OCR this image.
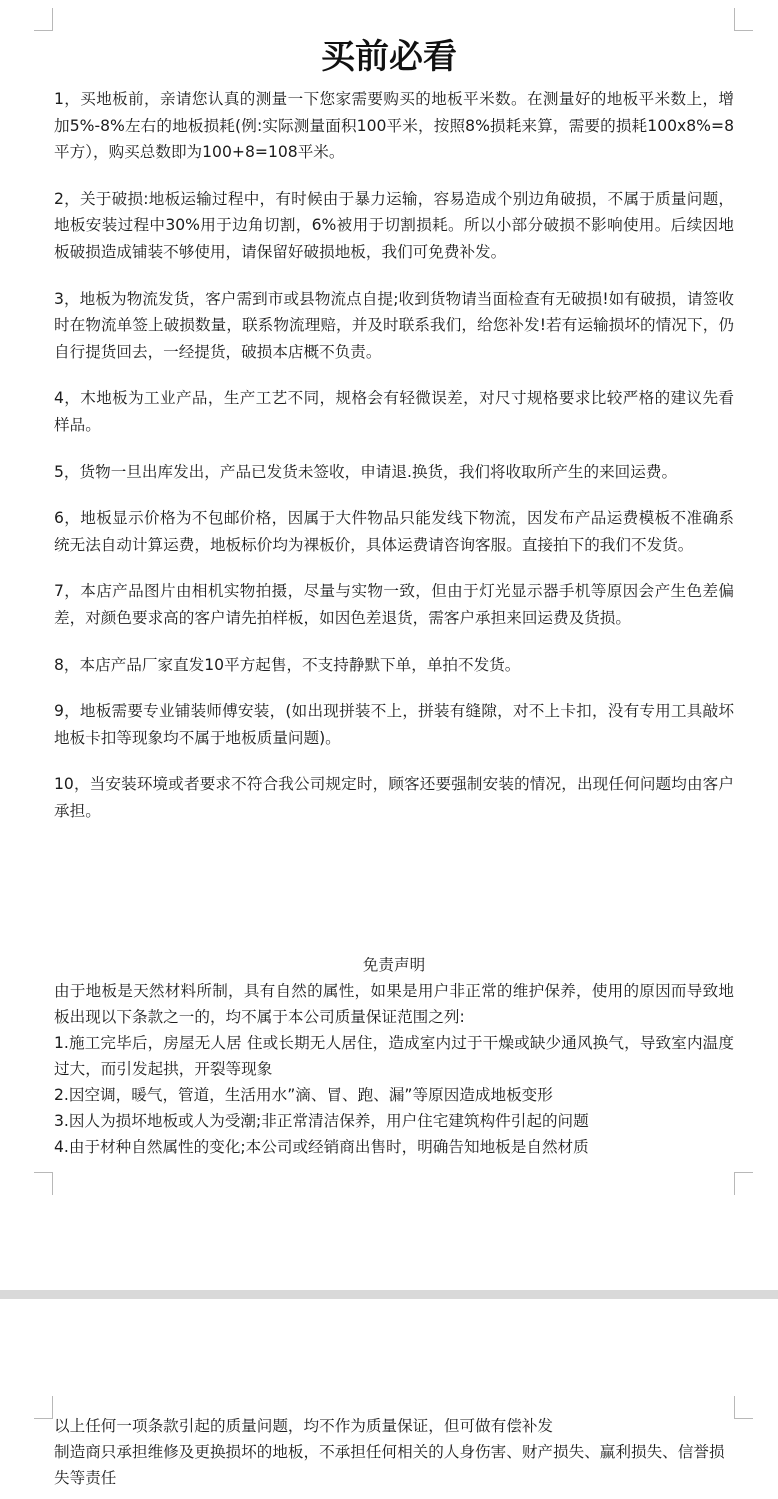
买前必看

1，买地板前，亲请您认真的测量一下您家需要购买的地板平米数。在测量好的地板平米数上，增加5%-8%左右的地板损耗(例:实际测量面积100平米，按照8%损耗来算，需要的损耗100x8%=8平方），购买总数即为100+8=108平米。

2，关于破损:地板运输过程中，有时候由于暴力运输，容易造成个别边角破损，不属于质量问题，地板安装过程中30%用于边角切割，6%被用于切割损耗。所以小部分破损不影响使用。后续因地板破损造成铺装不够使用，请保留好破损地板，我们可免费补发。

3，地板为物流发货，客户需到市或县物流点自提;收到货物请当面检查有无破损!如有破损，请签收时在物流单签上破损数量，联系物流理赔，并及时联系我们，给您补发!若有运输损坏的情况下，仍自行提货回去，一经提货，破损本店概不负责。

4，木地板为工业产品，生产工艺不同，规格会有轻微误差，对尺寸规格要求比较严格的建议先看样品。

5，货物一旦出库发出，产品已发货未签收，申请退.换货，我们将收取所产生的来回运费。

6，地板显示价格为不包邮价格，因属于大件物品只能发线下物流，因发布产品运费模板不准确系统无法自动计算运费，地板标价均为裸板价，具体运费请咨询客服。直接拍下的我们不发货。

7，本店产品图片由相机实物拍摄，尽量与实物一致，但由于灯光显示器手机等原因会产生色差偏差，对颜色要求高的客户请先拍样板，如因色差退货，需客户承担来回运费及货损。

8，本店产品厂家直发10平方起售，不支持静默下单，单拍不发货。

9，地板需要专业铺装师傅安装，(如出现拼装不上，拼装有缝隙，对不上卡扣，没有专用工具敲坏地板卡扣等现象均不属于地板质量问题)。

10，当安装环境或者要求不符合我公司规定时，顾客还要强制安装的情况，出现任何问题均由客户承担。

免责声明

由于地板是天然材料所制，具有自然的属性，如果是用户非正常的维护保养，使用的原因而导致地板出现以下条款之一的，均不属于本公司质量保证范围之列:

1.施工完毕后，房屋无人居 住或长期无人居住，造成室内过于干燥或缺少通风换气，导致室内温度过大，而引发起拱，开裂等现象

2.因空调，暖气，管道，生活用水”滴、冒、跑、漏”等原因造成地板变形

3.因人为损坏地板或人为受潮;非正常清洁保养，用户住宅建筑构件引起的问题

4.由于材种自然属性的变化;本公司或经销商出售时，明确告知地板是自然材质

以上任何一项条款引起的质量问题，均不作为质量保证，但可做有偿补发

制造商只承担维修及更换损坏的地板，不承担任何相关的人身伤害、财产损失、赢利损失、信誉损失等责任
